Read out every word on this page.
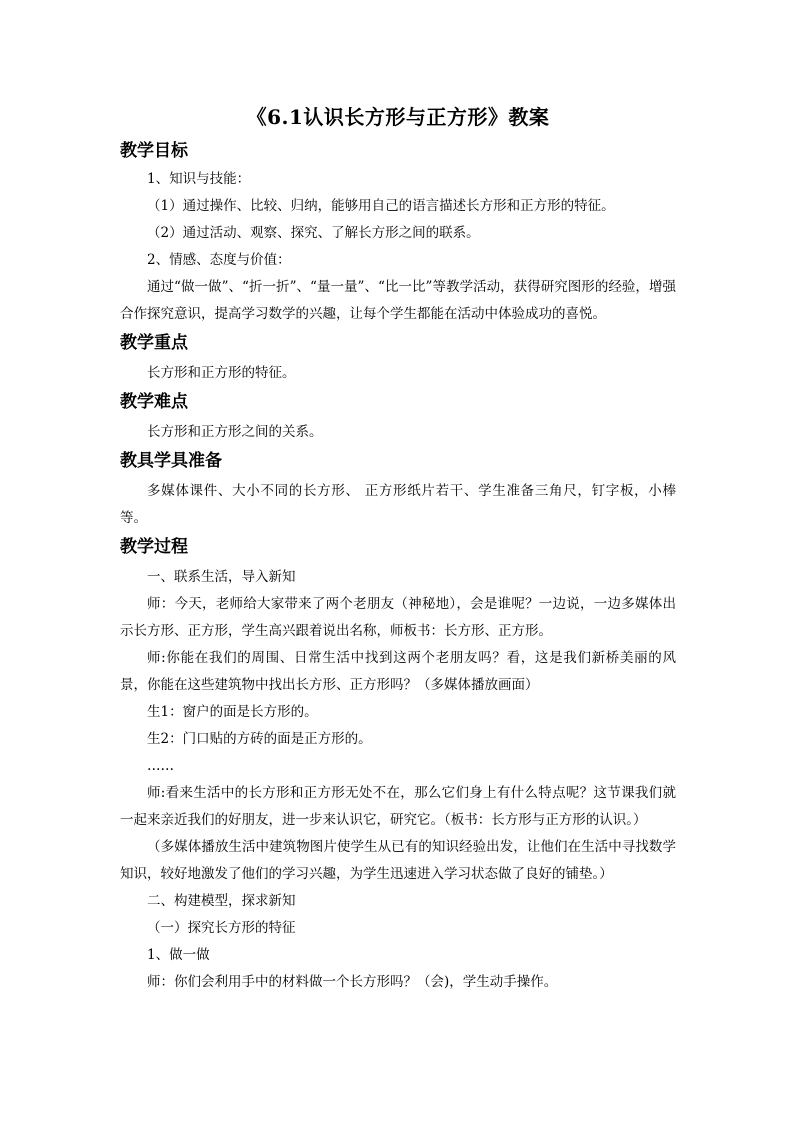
《6.1认识长方形与正方形》教案
教学目标

1、知识与技能：

（1）通过操作、比较、归纳，能够用自己的语言描述长方形和正方形的特征。

（2）通过活动、观察、探究、了解长方形之间的联系。

2、情感、态度与价值：

通过“做一做”、“折一折”、“量一量”、“比一比”等教学活动，获得研究图形的经验，增强合作探究意识，提高学习数学的兴趣，让每个学生都能在活动中体验成功的喜悦。

教学重点

长方形和正方形的特征。

教学难点

长方形和正方形之间的关系。

教具学具准备

多媒体课件、大小不同的长方形、 正方形纸片若干、学生准备三角尺，钉字板，小棒等。

教学过程

一、联系生活，导入新知

师：今天，老师给大家带来了两个老朋友（神秘地），会是谁呢？一边说，一边多媒体出示长方形、正方形，学生高兴跟着说出名称，师板书：长方形、正方形。

师:你能在我们的周围、日常生活中找到这两个老朋友吗？看，这是我们新桥美丽的风景，你能在这些建筑物中找出长方形、正方形吗？（多媒体播放画面）

生1：窗户的面是长方形的。

生2：门口贴的方砖的面是正方形的。

……

师:看来生活中的长方形和正方形无处不在，那么它们身上有什么特点呢？这节课我们就一起来亲近我们的好朋友，进一步来认识它，研究它。（板书：长方形与正方形的认识。）

（多媒体播放生活中建筑物图片使学生从已有的知识经验出发，让他们在生活中寻找数学知识，较好地激发了他们的学习兴趣，为学生迅速进入学习状态做了良好的铺垫。）

二、构建模型，探求新知

（一）探究长方形的特征

1、做一做

师：你们会利用手中的材料做一个长方形吗？（会)，学生动手操作。
